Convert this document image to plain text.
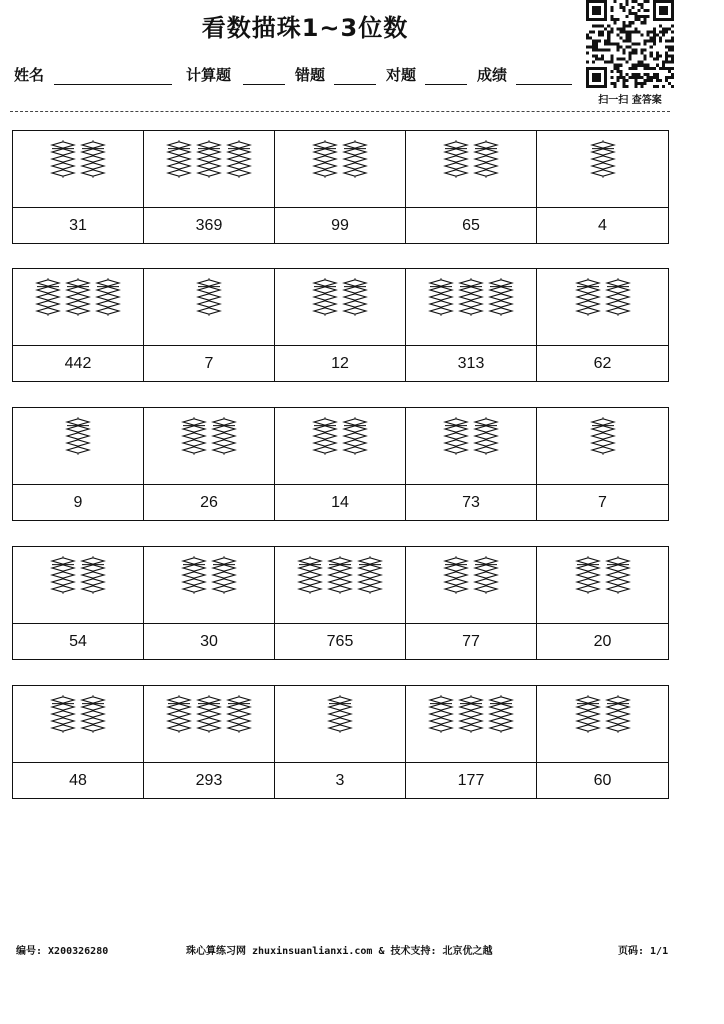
看数描珠1~3位数
姓名	计算题	错题	对题	成绩
扫一扫 查答案
31	369	99	65	4
442	7	12	313	62
9	26	14	73	7
54	30	765	77	20
48	293	3	177	60
编号: X200326280	珠心算练习网 zhuxinsuanlianxi.com & 技术支持: 北京优之越	页码: 1/1
